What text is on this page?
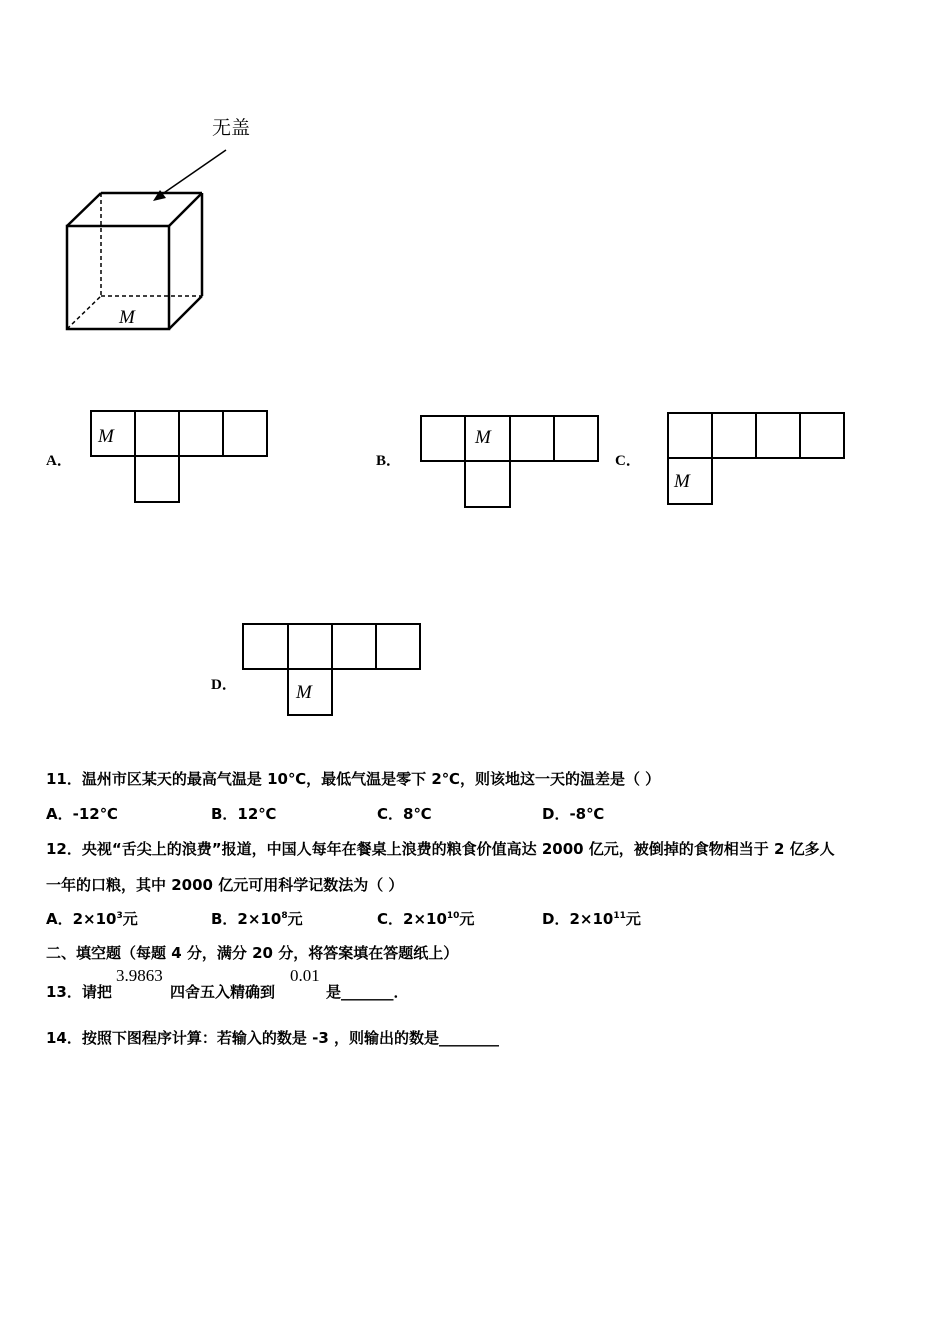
无盖
M
M	M
M
M
A．	B．	C．
D．
11．温州市区某天的最高气温是 10℃，最低气温是零下 2℃，则该地这一天的温差是（ ）
A．-12℃	B．12℃	C．8℃	D．-8℃
12．央视“舌尖上的浪费”报道，中国人每年在餐桌上浪费的粮食价值高达 2000 亿元，被倒掉的食物相当于 2 亿多人
一年的口粮，其中 2000 亿元可用科学记数法为（ ）
A．$2\times 10^3$元	B．$2\times 10^8$元	C．$2\times 10^{10}$元	D．$2\times 10^{11}$元
二、填空题（每题 4 分，满分 20 分，将答案填在答题纸上）
13．请把
3.9863
四舍五入精确到
0.01
是_______．
14．按照下图程序计算：若输入的数是 -3 ，则输出的数是________
